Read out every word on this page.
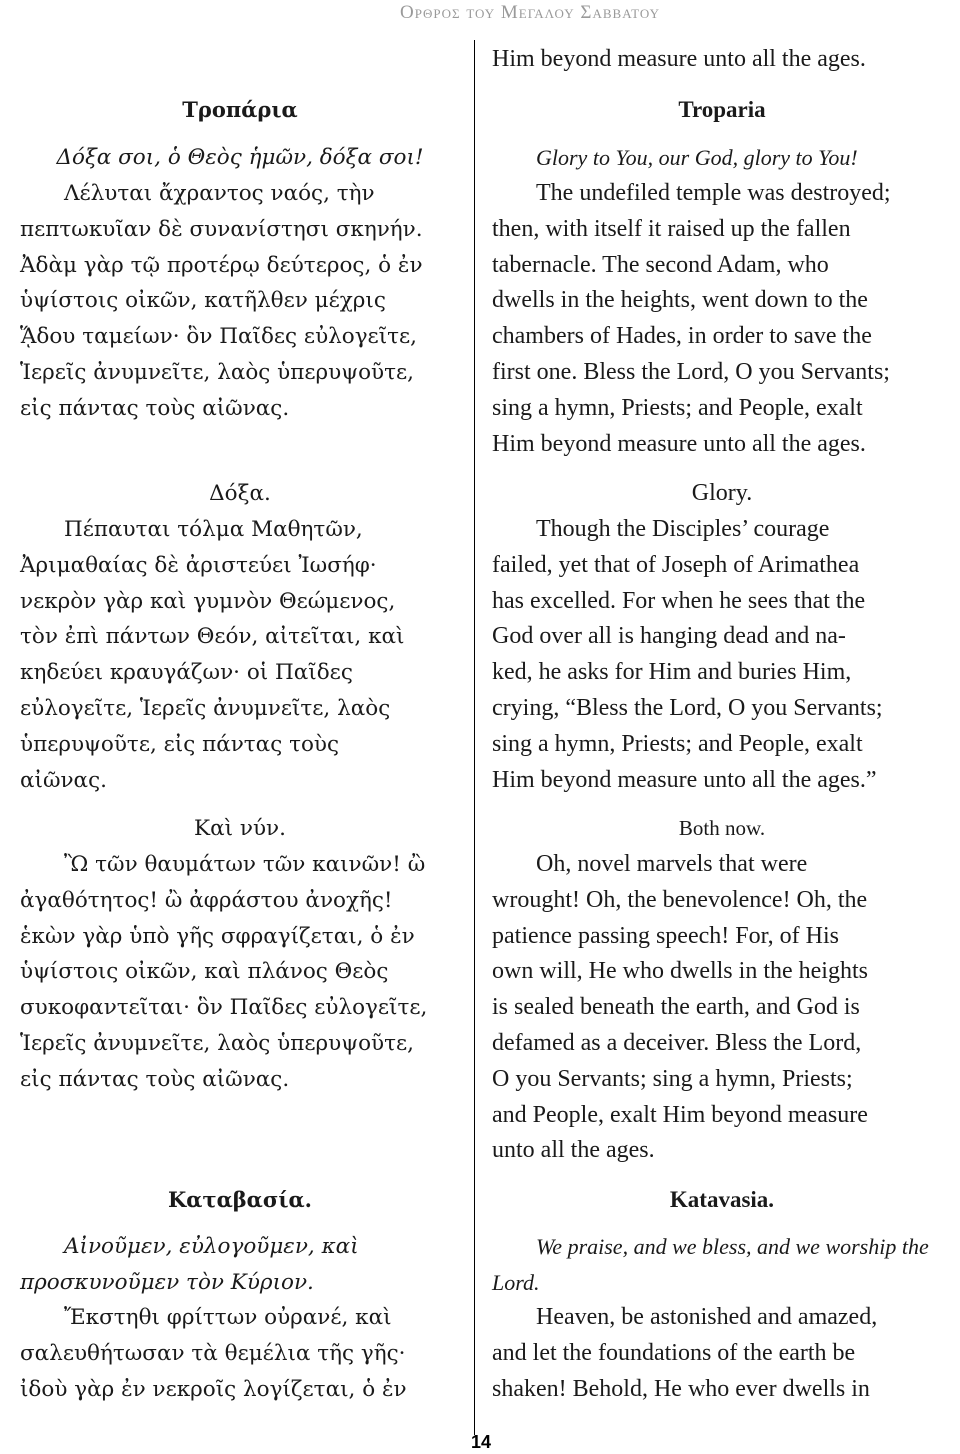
Ορθρος του Μεγαλου Σαββατου
Τροπάρια
Δόξα σοι, ὁ Θεὸς ἡμῶν, δόξα σοι!
Λέλυται ἄχραντος ναός, τὴν
πεπτωκυῖαν δὲ συνανίστησι σκηνήν.
Ἀδὰμ γὰρ τῷ προτέρῳ δεύτερος, ὁ ἐν
ὑψίστοις οἰκῶν, κατῆλθεν μέχρις
ᾍδου ταμείων· ὃν Παῖδες εὐλογεῖτε,
Ἱερεῖς ἀνυμνεῖτε, λαὸς ὑπερυψοῦτε,
εἰς πάντας τοὺς αἰῶνας.
Δόξα.
Πέπαυται τόλμα Μαθητῶν,
Ἀριμαθαίας δὲ ἀριστεύει Ἰωσήφ·
νεκρὸν γὰρ καὶ γυμνὸν Θεώμενος,
τὸν ἐπὶ πάντων Θεόν, αἰτεῖται, καὶ
κηδεύει κραυγάζων· οἱ Παῖδες
εὐλογεῖτε, Ἱερεῖς ἀνυμνεῖτε, λαὸς
ὑπερυψοῦτε, εἰς πάντας τοὺς
αἰῶνας.
Καὶ νύν.
Ὢ τῶν θαυμάτων τῶν καινῶν! ὢ
ἀγαθότητος! ὢ ἀφράστου ἀνοχῆς!
ἑκὼν γὰρ ὑπὸ γῆς σφραγίζεται, ὁ ἐν
ὑψίστοις οἰκῶν, καὶ πλάνος Θεὸς
συκοφαντεῖται· ὃν Παῖδες εὐλογεῖτε,
Ἱερεῖς ἀνυμνεῖτε, λαὸς ὑπερυψοῦτε,
εἰς πάντας τοὺς αἰῶνας.
Καταβασία.
Αἰνοῦμεν, εὐλογοῦμεν, καὶ
προσκυνοῦμεν τὸν Κύριον.
Ἔκστηθι φρίττων οὐρανέ, καὶ
σαλευθήτωσαν τὰ θεμέλια τῆς γῆς·
ἰδοὺ γὰρ ἐν νεκροῖς λογίζεται, ὁ ἐν
Him beyond measure unto all the ages.
Troparia
Glory to You, our God, glory to You!
The undefiled temple was destroyed;
then, with itself it raised up the fallen
tabernacle. The second Adam, who
dwells in the heights, went down to the
chambers of Hades, in order to save the
first one. Bless the Lord, O you Servants;
sing a hymn, Priests; and People, exalt
Him beyond measure unto all the ages.
Glory.
Though the Disciples’ courage
failed, yet that of Joseph of Arimathea
has excelled. For when he sees that the
God over all is hanging dead and na-
ked, he asks for Him and buries Him,
crying, “Bless the Lord, O you Servants;
sing a hymn, Priests; and People, exalt
Him beyond measure unto all the ages.”
Both now.
Oh, novel marvels that were
wrought! Oh, the benevolence! Oh, the
patience passing speech! For, of His
own will, He who dwells in the heights
is sealed beneath the earth, and God is
defamed as a deceiver. Bless the Lord,
O you Servants; sing a hymn, Priests;
and People, exalt Him beyond measure
unto all the ages.
Katavasia.
We praise, and we bless, and we worship the
Lord.
Heaven, be astonished and amazed,
and let the foundations of the earth be
shaken! Behold, He who ever dwells in
14
